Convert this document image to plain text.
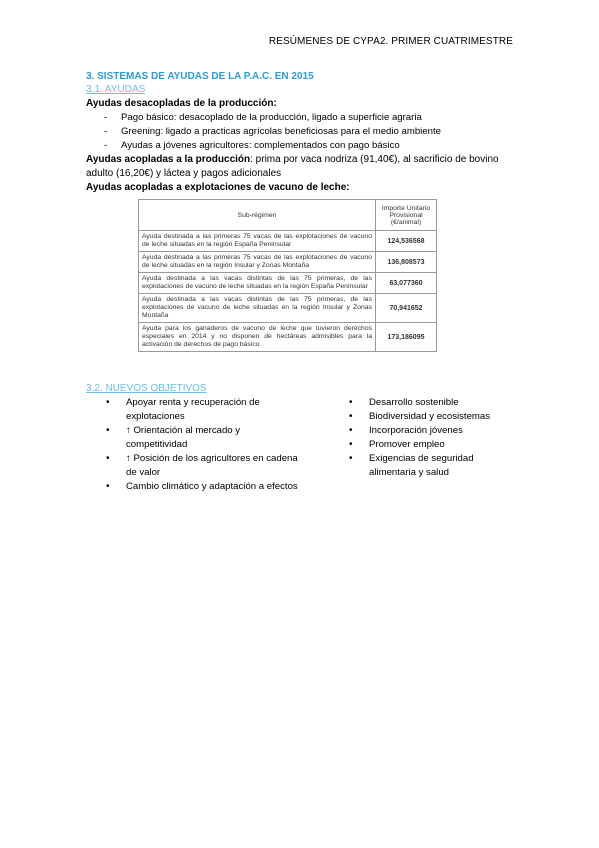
RESÚMENES DE CYPA2. PRIMER CUATRIMESTRE

3. SISTEMAS DE AYUDAS DE LA P.A.C. EN 2015

3.1. AYUDAS

Ayudas desacopladas de la producción:

- Pago básico: desacoplado de la producción, ligado a superficie agraria
- Greening: ligado a practicas agrícolas beneficiosas para el medio ambiente
- Ayudas a jóvenes agricultores: complementados con pago básico

Ayudas acopladas a la producción: prima por vaca nodriza (91,40€), al sacrificio de bovino adulto (16,20€) y láctea y pagos adicionales

Ayudas acopladas a explotaciones de vacuno de leche:

Sub-régimen	Importe Unitario Provisional (€/animal)
Ayuda destinada a las primeras 75 vacas de las explotaciones de vacuno de leche situadas en la región España Peninsular	124,536568
Ayuda destinada a las primeras 75 vacas de las explotaciones de vacuno de leche situadas en la región Insular y Zonas Montaña	136,808573
Ayuda destinada a las vacas distintas de las 75 primeras, de las explotaciones de vacuno de leche situadas en la región España Peninsular	63,077360
Ayuda destinada a las vacas distintas de las 75 primeras, de las explotaciones de vacuno de leche situadas en la región Insular y Zonas Montaña	70,941652
Ayuda para los ganaderos de vacuno de leche que tuvieron derechos especiales en 2014 y no disponen de hectáreas admisibles para la activación de derechos de pago básico	173,186095

3.2. NUEVOS OBJETIVOS

• Apoyar renta y recuperación de explotaciones
• ↑ Orientación al mercado y competitividad
• ↑ Posición de los agricultores en cadena de valor
• Cambio climático y adaptación a efectos
• Desarrollo sostenible
• Biodiversidad y ecosistemas
• Incorporación jóvenes
• Promover empleo
• Exigencias de seguridad alimentaria y salud
